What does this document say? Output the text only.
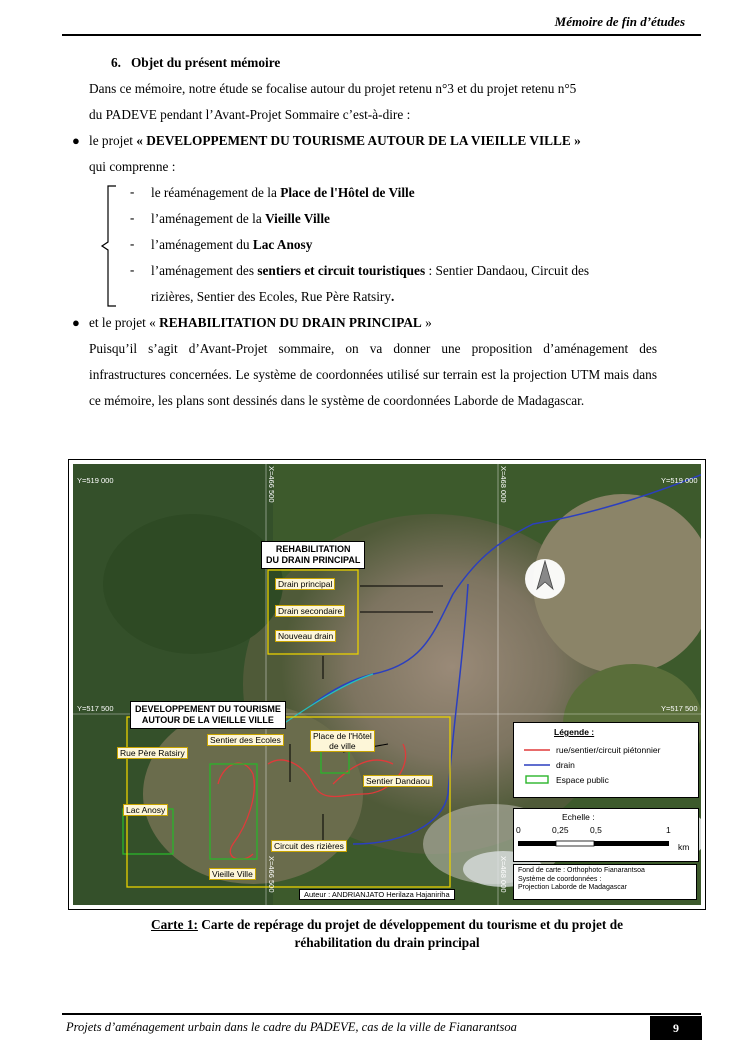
Mémoire de fin d’études
6. Objet du présent mémoire
Dans ce mémoire, notre étude se focalise autour du projet retenu n°3 et du projet retenu n°5
du PADEVE pendant l’Avant-Projet Sommaire c’est-à-dire :
● le projet « DEVELOPPEMENT DU TOURISME AUTOUR DE LA VIEILLE VILLE »
qui comprenne :
- le réaménagement de la Place de l'Hôtel de Ville
- l’aménagement de la Vieille Ville
- l’aménagement du Lac Anosy
- l’aménagement des sentiers et circuit touristiques : Sentier Dandaou, Circuit des
rizières, Sentier des Ecoles, Rue Père Ratsiry.
● et le projet « REHABILITATION DU DRAIN PRINCIPAL »
Puisqu’il s’agit d’Avant-Projet sommaire, on va donner une proposition d’aménagement des infrastructures concernées. Le système de coordonnées utilisé sur terrain est la projection UTM mais dans ce mémoire, les plans sont dessinés dans le système de coordonnées Laborde de Madagascar.
Y=519 000	Y=519 000
Y=517 500	Y=517 500
X=466 500	X=468 000
X=466 500	X=468 000
REHABILITATION
DU DRAIN PRINCIPAL
Drain principal
Drain secondaire
Nouveau drain
DEVELOPPEMENT DU TOURISME
AUTOUR DE LA VIEILLE VILLE
Rue Père Ratsiry
Sentier des Ecoles	Place de l'Hôtel
de ville
Sentier Dandaou
Lac Anosy
Circuit des rizières
Vieille Ville
Légende :
rue/sentier/circuit piétonnier
drain
Espace public
Echelle :
0	0,25	0,5	1
km
Fond de carte : Orthophoto Fianarantsoa
Système de coordonnées :
Projection Laborde de Madagascar
Auteur : ANDRIANJATO Herilaza Hajaniriha
Carte 1: Carte de repérage du projet de développement du tourisme et du projet de
réhabilitation du drain principal
Projets d’aménagement urbain dans le cadre du PADEVE, cas de la ville de Fianarantsoa	9
